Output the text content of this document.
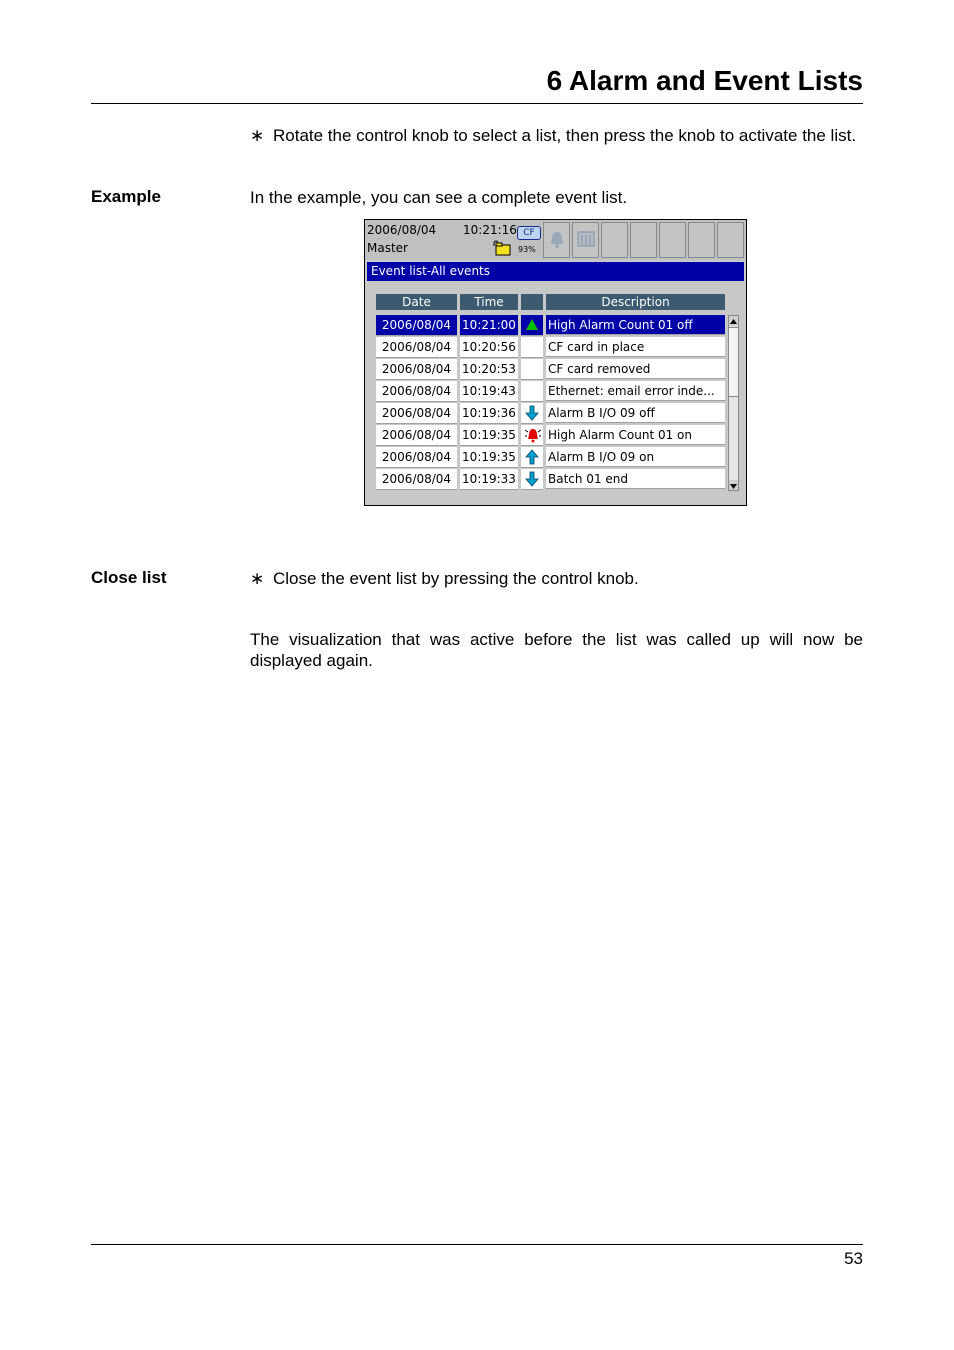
6 Alarm and Event Lists
∗ Rotate the control knob to select a list, then press the knob to activate the list.
Example	In the example, you can see a complete event list.
2006/08/04 10:21:16
Master
CF
93%
Event list-All events
Date	Time	Description
2006/08/04 10:21:00	High Alarm Count 01 off
2006/08/04 10:20:56	CF card in place
2006/08/04 10:20:53	CF card removed
2006/08/04 10:19:43	Ethernet: email error inde...
2006/08/04 10:19:36	Alarm B I/O 09 off
2006/08/04 10:19:35	High Alarm Count 01 on
2006/08/04 10:19:35	Alarm B I/O 09 on
2006/08/04 10:19:33	Batch 01 end
Close list	∗ Close the event list by pressing the control knob.
The visualization that was active before the list was called up will now be displayed again.
53
